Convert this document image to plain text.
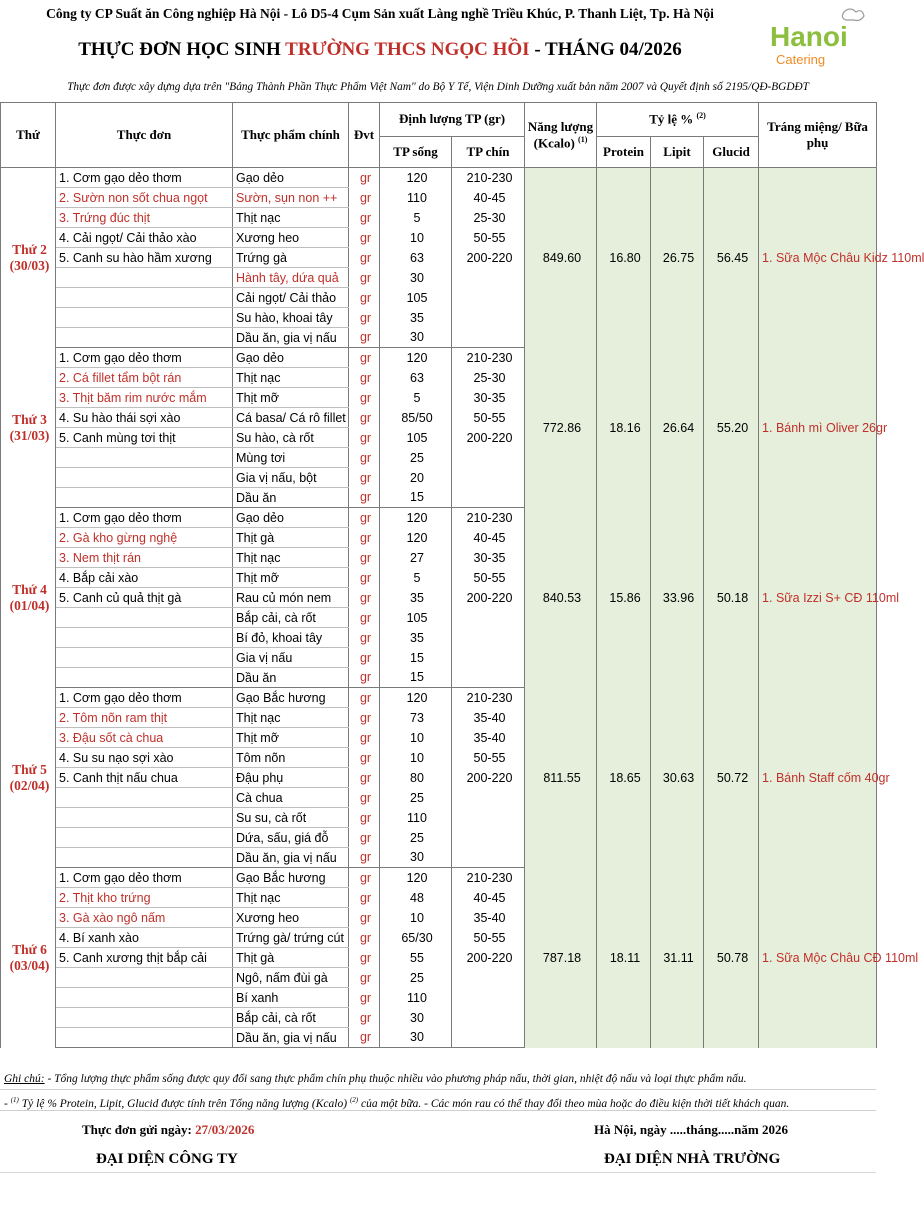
Công ty CP Suất ăn Công nghiệp Hà Nội - Lô D5-4 Cụm Sản xuất Làng nghề Triều Khúc, P. Thanh Liệt, Tp. Hà Nội
THỰC ĐƠN HỌC SINH TRƯỜNG THCS NGỌC HỒI - THÁNG 04/2026	Hanoi
Catering
Thực đơn được xây dựng dựa trên "Bảng Thành Phần Thực Phẩm Việt Nam" do Bộ Y Tế, Viện Dinh Dưỡng xuất bản năm 2007 và Quyết định số 2195/QĐ-BGDĐT
Thứ	Thực đơn	Thực phẩm chính	Đvt	Định lượng TP (gr)		Năng lượng (Kcalo) $^{(1)}$	Tỷ lệ % $^{(2)}$			Tráng miệng/ Bữa phụ
				TP sống	TP chín		Protein	Lipit	Glucid	

Thứ 2
(30/03)	1. Cơm gạo dẻo thơm	Gạo dẻo	gr	120	210-230	849.60	16.80	26.75	56.45	1. Sữa Mộc Châu Kidz 110ml
	2. Sườn non sốt chua ngọt	Sườn, sụn non ++	gr	110	40-45					
	3. Trứng đúc thịt	Thịt nạc	gr	5	25-30					
	4. Cải ngọt/ Cải thảo xào	Xương heo	gr	10	50-55					
	5. Canh su hào hầm xương	Trứng gà	gr	63	200-220					
		Hành tây, dứa quả	gr	30						
		Cải ngọt/ Cải thảo	gr	105						
		Su hào, khoai tây	gr	35						
		Dầu ăn, gia vị nấu	gr	30						

Thứ 3
(31/03)	1. Cơm gạo dẻo thơm	Gạo dẻo	gr	120	210-230	772.86	18.16	26.64	55.20	1. Bánh mì Oliver 26gr
	2. Cá fillet tẩm bột rán	Thịt nạc	gr	63	25-30					
	3. Thịt băm rim nước mắm	Thịt mỡ	gr	5	30-35					
	4. Su hào thái sợi xào	Cá basa/ Cá rô fillet	gr	85/50	50-55					
	5. Canh mùng tơi thịt	Su hào, cà rốt	gr	105	200-220					
		Mùng tơi	gr	25						
		Gia vị nấu, bột	gr	20						
		Dầu ăn	gr	15						

Thứ 4
(01/04)	1. Cơm gạo dẻo thơm	Gạo dẻo	gr	120	210-230	840.53	15.86	33.96	50.18	1. Sữa Izzi S+ CĐ 110ml
	2. Gà kho gừng nghệ	Thịt gà	gr	120	40-45					
	3. Nem thịt rán	Thịt nạc	gr	27	30-35					
	4. Bắp cải xào	Thịt mỡ	gr	5	50-55					
	5. Canh củ quả thịt gà	Rau củ món nem	gr	35	200-220					
		Bắp cải, cà rốt	gr	105						
		Bí đỏ, khoai tây	gr	35						
		Gia vị nấu	gr	15						
		Dầu ăn	gr	15						

Thứ 5
(02/04)	1. Cơm gạo dẻo thơm	Gạo Bắc hương	gr	120	210-230	811.55	18.65	30.63	50.72	1. Bánh Staff cốm 40gr
	2. Tôm nõn ram thịt	Thịt nạc	gr	73	35-40					
	3. Đậu sốt cà chua	Thịt mỡ	gr	10	35-40					
	4. Su su nạo sợi xào	Tôm nõn	gr	10	50-55					
	5. Canh thịt nấu chua	Đậu phụ	gr	80	200-220					
		Cà chua	gr	25						
		Su su, cà rốt	gr	110						
		Dứa, sấu, giá đỗ	gr	25						
		Dầu ăn, gia vị nấu	gr	30						

Thứ 6
(03/04)	1. Cơm gạo dẻo thơm	Gạo Bắc hương	gr	120	210-230	787.18	18.11	31.11	50.78	1. Sữa Mộc Châu CĐ 110ml
	2. Thịt kho trứng	Thịt nạc	gr	48	40-45					
	3. Gà xào ngô nấm	Xương heo	gr	10	35-40					
	4. Bí xanh xào	Trứng gà/ trứng cút	gr	65/30	50-55					
	5. Canh xương thịt bắp cải	Thịt gà	gr	55	200-220					
		Ngô, nấm đùi gà	gr	25						
		Bí xanh	gr	110						
		Bắp cải, cà rốt	gr	30						
		Dầu ăn, gia vị nấu	gr	30						
Ghi chú: - Tổng lượng thực phẩm sống được quy đổi sang thực phẩm chín phụ thuộc nhiều vào phương pháp nấu, thời gian, nhiệt độ nấu và loại thực phẩm nấu.
- $^{(1)}$ Tỷ lệ % Protein, Lipit, Glucid được tính trên Tổng năng lượng (Kcalo) $^{(2)}$ của một bữa. - Các món rau có thể thay đổi theo mùa hoặc do điều kiện thời tiết khách quan.
Thực đơn gửi ngày: 27/03/2026	Hà Nội, ngày .....tháng.....năm 2026
ĐẠI DIỆN CÔNG TY	ĐẠI DIỆN NHÀ TRƯỜNG
